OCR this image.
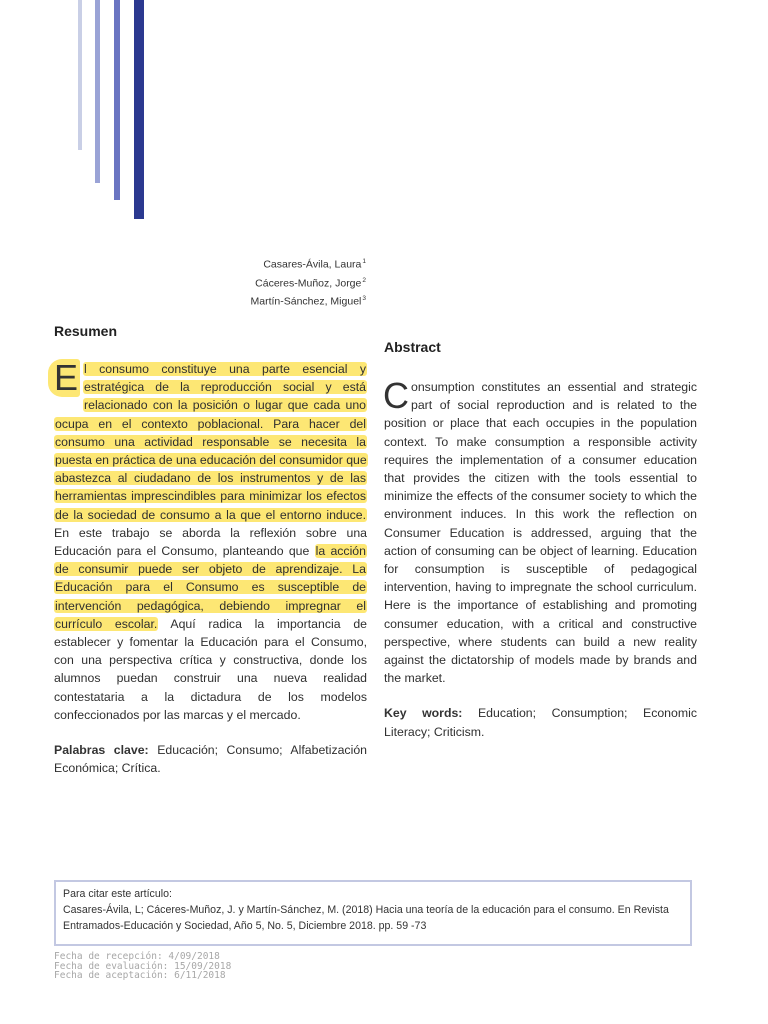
Casares-Ávila, Laura$^1$
Cáceres-Muñoz, Jorge$^2$
Martín-Sánchez, Miguel$^3$
Resumen
E l consumo constituye una parte esencial y estratégica de la reproducción social y está relacionado con la posición o lugar que cada uno ocupa en el contexto poblacional. Para hacer del consumo una actividad responsable se necesita la puesta en práctica de una educación del consumidor que abastezca al ciudadano de los instrumentos y de las herramientas imprescindibles para minimizar los efectos de la sociedad de consumo a la que el entorno induce. En este trabajo se aborda la reflexión sobre una Educación para el Consumo, planteando que la acción de consumir puede ser objeto de aprendizaje. La Educación para el Consumo es susceptible de intervención pedagógica, debiendo impregnar el currículo escolar. Aquí radica la importancia de establecer y fomentar la Educación para el Consumo, con una perspectiva crítica y constructiva, donde los alumnos puedan construir una nueva realidad contestataria a la dictadura de los modelos confeccionados por las marcas y el mercado.
Palabras clave: Educación; Consumo; Alfabetización Económica; Crítica.
Abstract
Consumption constitutes an essential and strategic part of social reproduction and is related to the position or place that each occupies in the population context. To make consumption a responsible activity requires the implementation of a consumer education that provides the citizen with the tools essential to minimize the effects of the consumer society to which the environment induces. In this work the reflection on Consumer Education is addressed, arguing that the action of consuming can be object of learning. Education for consumption is susceptible of pedagogical intervention, having to impregnate the school curriculum. Here is the importance of establishing and promoting consumer education, with a critical and constructive perspective, where students can build a new reality against the dictatorship of models made by brands and the market.
Key words: Education; Consumption; Economic Literacy; Criticism.
Para citar este artículo:
Casares-Ávila, L; Cáceres-Muñoz, J. y Martín-Sánchez, M. (2018) Hacia una teoría de la educación para el consumo. En Revista
Entramados-Educación y Sociedad, Año 5, No. 5, Diciembre 2018. pp. 59 -73
Fecha de recepción: 4/09/2018
Fecha de evaluación: 15/09/2018
Fecha de aceptación: 6/11/2018
